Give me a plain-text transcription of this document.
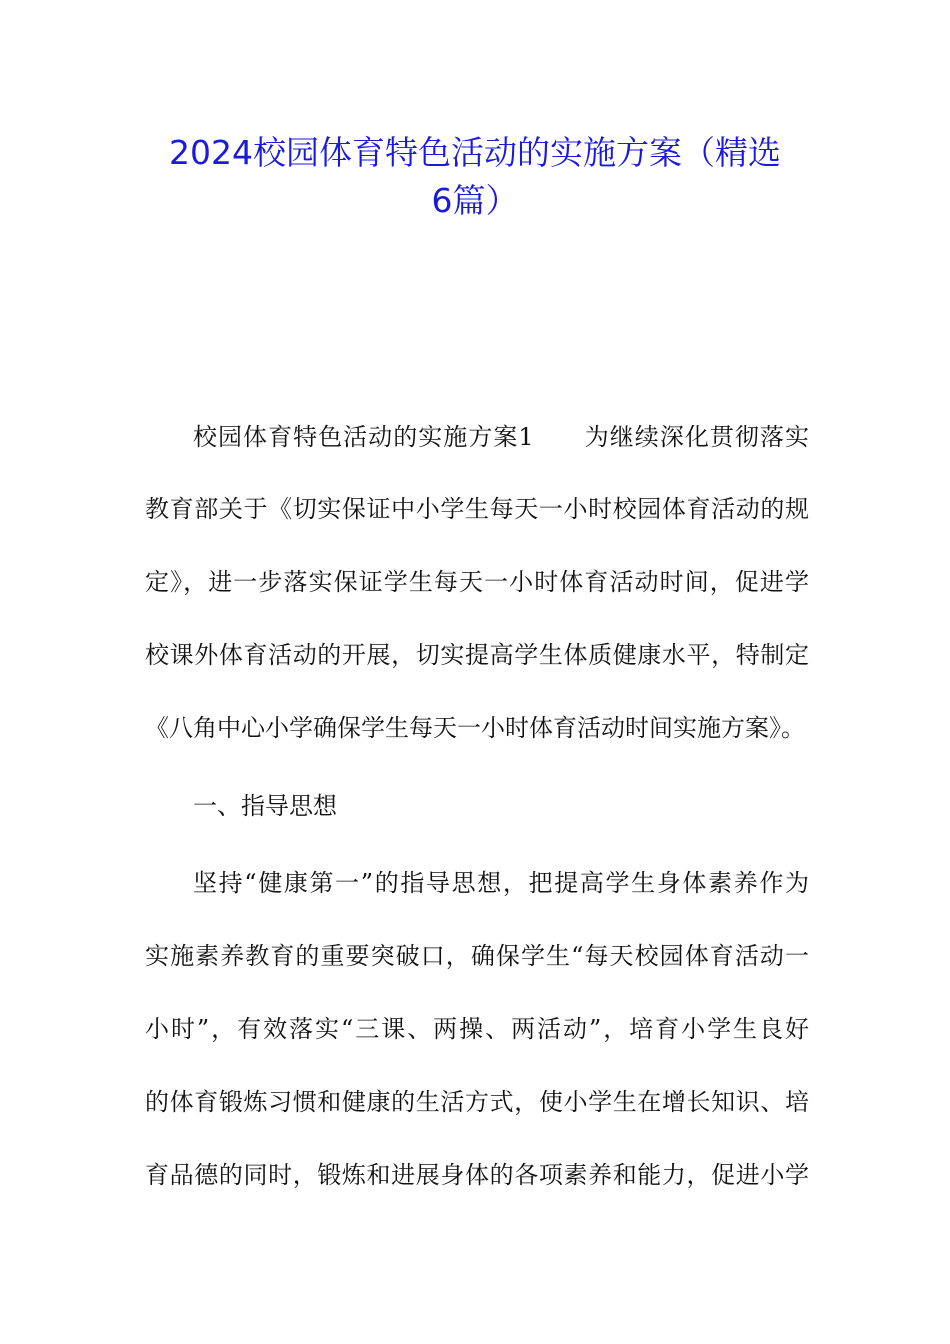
2024校园体育特色活动的实施方案（精选
6篇）
校园体育特色活动的实施方案1　　为继续深化贯彻落实
教育部关于《切实保证中小学生每天一小时校园体育活动的规
定》，进一步落实保证学生每天一小时体育活动时间，促进学
校课外体育活动的开展，切实提高学生体质健康水平，特制定
《八角中心小学确保学生每天一小时体育活动时间实施方案》。
一、指导思想
坚持“健康第一”的指导思想，把提高学生身体素养作为
实施素养教育的重要突破口，确保学生“每天校园体育活动一
小时”，有效落实“三课、两操、两活动”，培育小学生良好
的体育锻炼习惯和健康的生活方式，使小学生在增长知识、培
育品德的同时，锻炼和进展身体的各项素养和能力，促进小学
